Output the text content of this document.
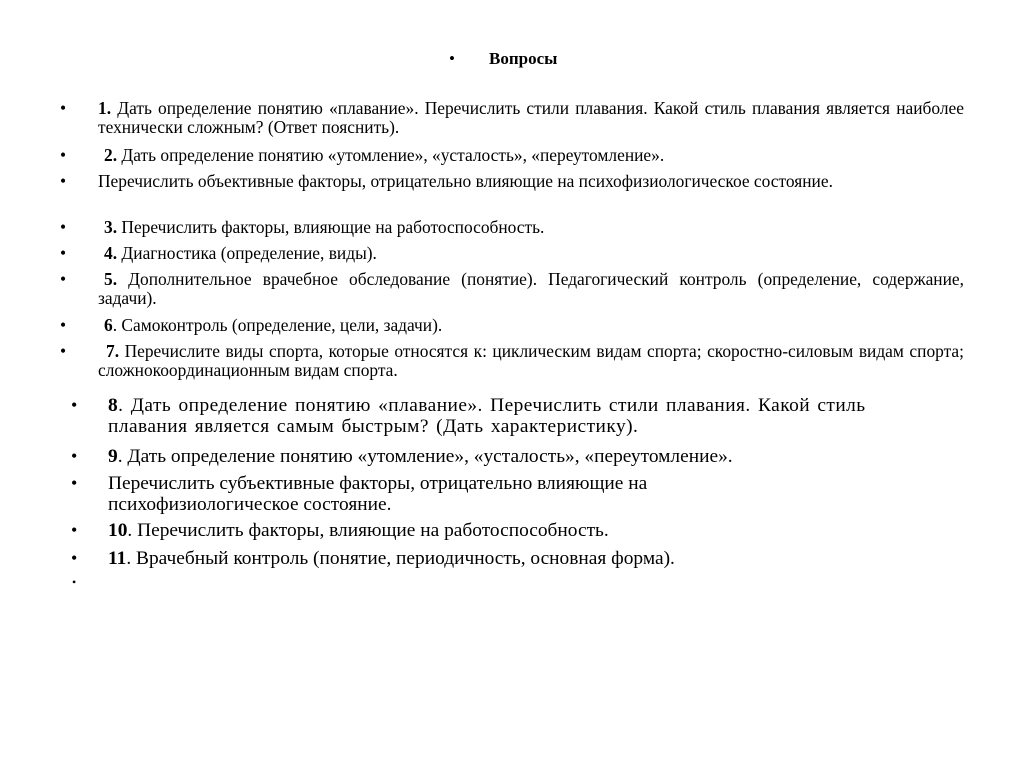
• Вопросы
• 1. Дать определение понятию «плавание». Перечислить стили плавания. Какой стиль плавания является наиболее технически сложным? (Ответ пояснить).
•	2. Дать определение понятию «утомление», «усталость», «переутомление».
• Перечислить объективные факторы, отрицательно влияющие на психофизиологическое состояние.
•	3. Перечислить факторы, влияющие на работоспособность.
•	4. Диагностика (определение, виды).
•	5. Дополнительное врачебное обследование (понятие). Педагогический контроль (определение, содержание, задачи).
•	6. Самоконтроль (определение, цели, задачи).
•	7. Перечислите виды спорта, которые относятся к: циклическим видам спорта; скоростно-силовым видам спорта; сложнокоординационным видам спорта.
• 8. Дать определение понятию «плавание». Перечислить стили плавания. Какой стиль плавания является самым быстрым? (Дать характеристику).
• 9. Дать определение понятию «утомление», «усталость», «переутомление».
• Перечислить субъективные факторы, отрицательно влияющие на психофизиологическое состояние.
• 10. Перечислить факторы, влияющие на работоспособность.
• 11. Врачебный контроль (понятие, периодичность, основная форма).
•
